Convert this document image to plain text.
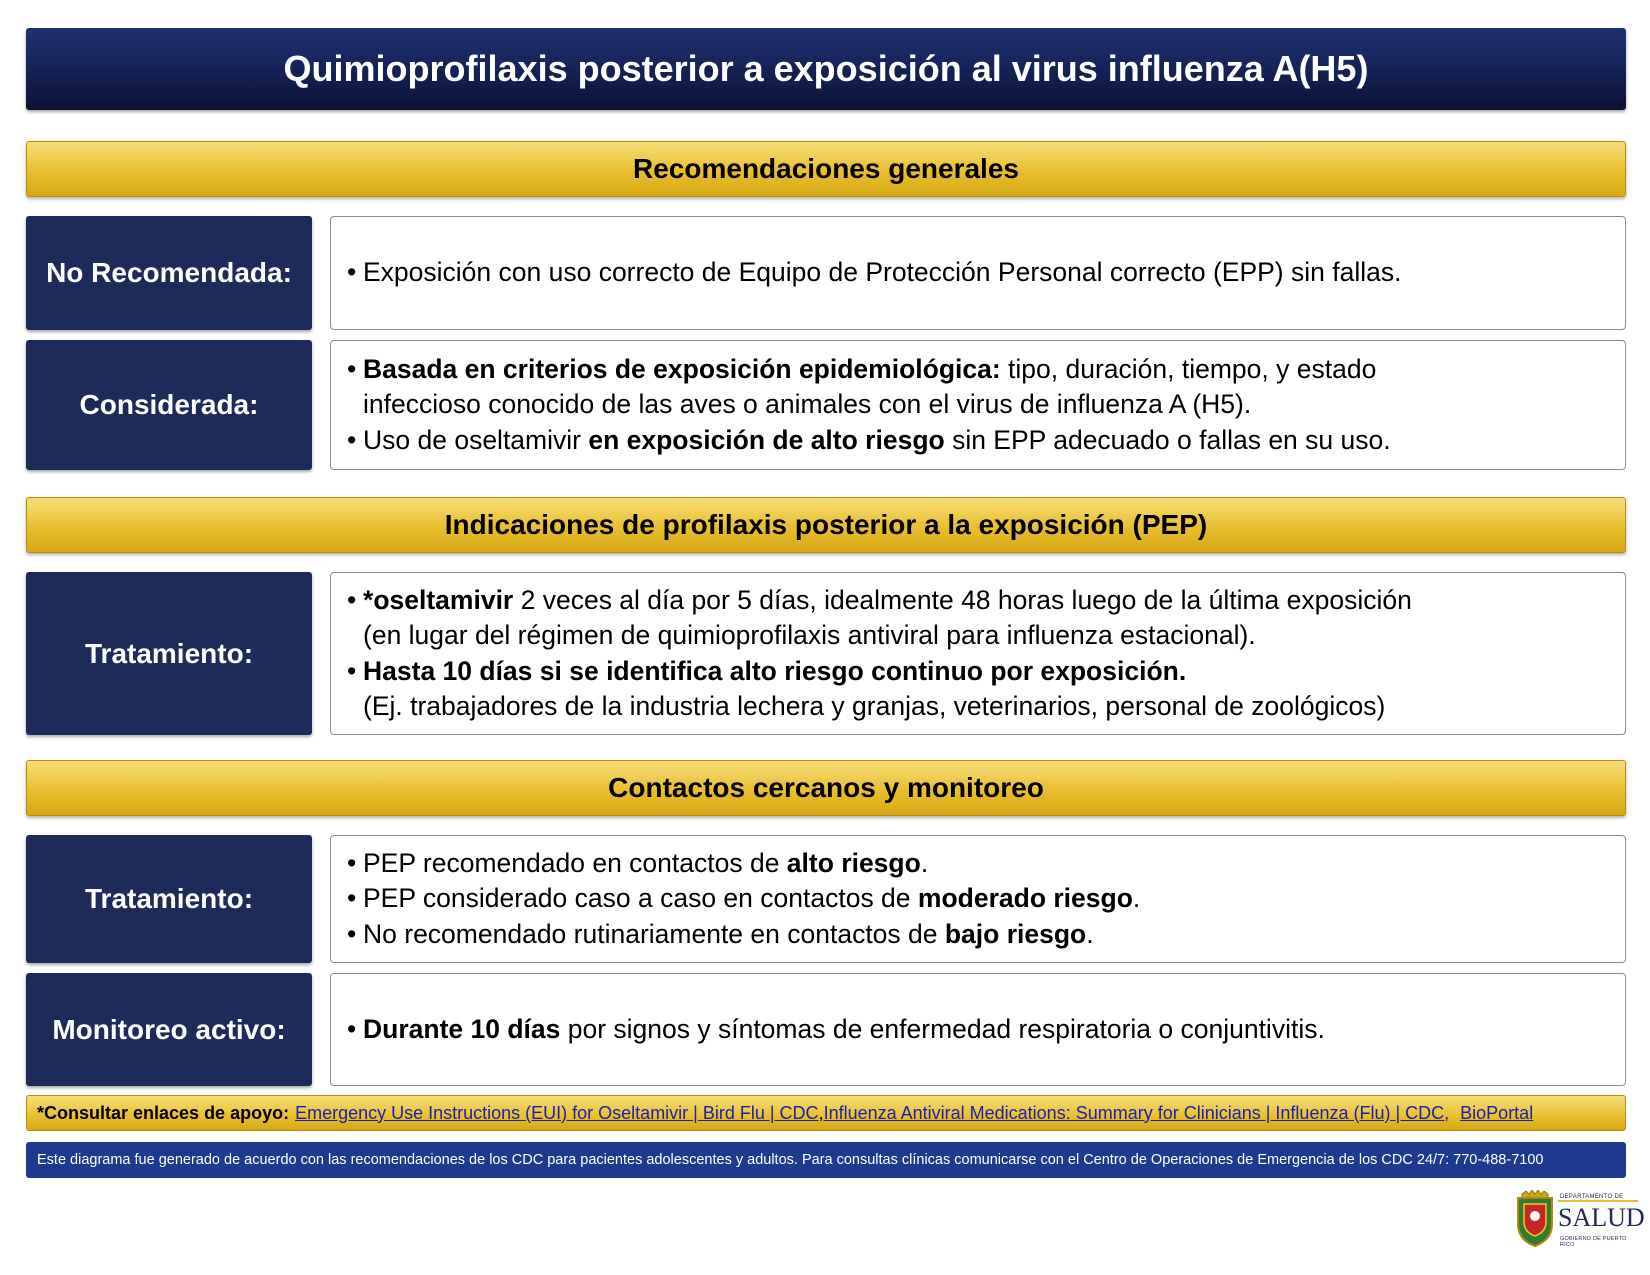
Quimioprofilaxis posterior a exposición al virus influenza A(H5)
Recomendaciones generales
No Recomendada:	• Exposición con uso correcto de Equipo de Protección Personal correcto (EPP) sin fallas.
Considerada:
• Basada en criterios de exposición epidemiológica: tipo, duración, tiempo, y estado
infeccioso conocido de las aves o animales con el virus de influenza A (H5).
• Uso de oseltamivir en exposición de alto riesgo sin EPP adecuado o fallas en su uso.
Indicaciones de profilaxis posterior a la exposición (PEP)
Tratamiento:
• *oseltamivir 2 veces al día por 5 días, idealmente 48 horas luego de la última exposición
(en lugar del régimen de quimioprofilaxis antiviral para influenza estacional).
• Hasta 10 días si se identifica alto riesgo continuo por exposición.
(Ej. trabajadores de la industria lechera y granjas, veterinarios, personal de zoológicos)
Contactos cercanos y monitoreo
Tratamiento:
• PEP recomendado en contactos de alto riesgo.
• PEP considerado caso a caso en contactos de moderado riesgo.
• No recomendado rutinariamente en contactos de bajo riesgo.
Monitoreo activo:	• Durante 10 días por signos y síntomas de enfermedad respiratoria o conjuntivitis.
*Consultar enlaces de apoyo: Emergency Use Instructions (EUI) for Oseltamivir | Bird Flu | CDC , Influenza Antiviral Medications: Summary for Clinicians | Influenza (Flu) | CDC, BioPortal
Este diagrama fue generado de acuerdo con las recomendaciones de los CDC para pacientes adolescentes y adultos. Para consultas clínicas comunicarse con el Centro de Operaciones de Emergencia de los CDC 24/7: 770-488-7100
DEPARTAMENTO DE
SALUD
GOBIERNO DE PUERTO RICO
